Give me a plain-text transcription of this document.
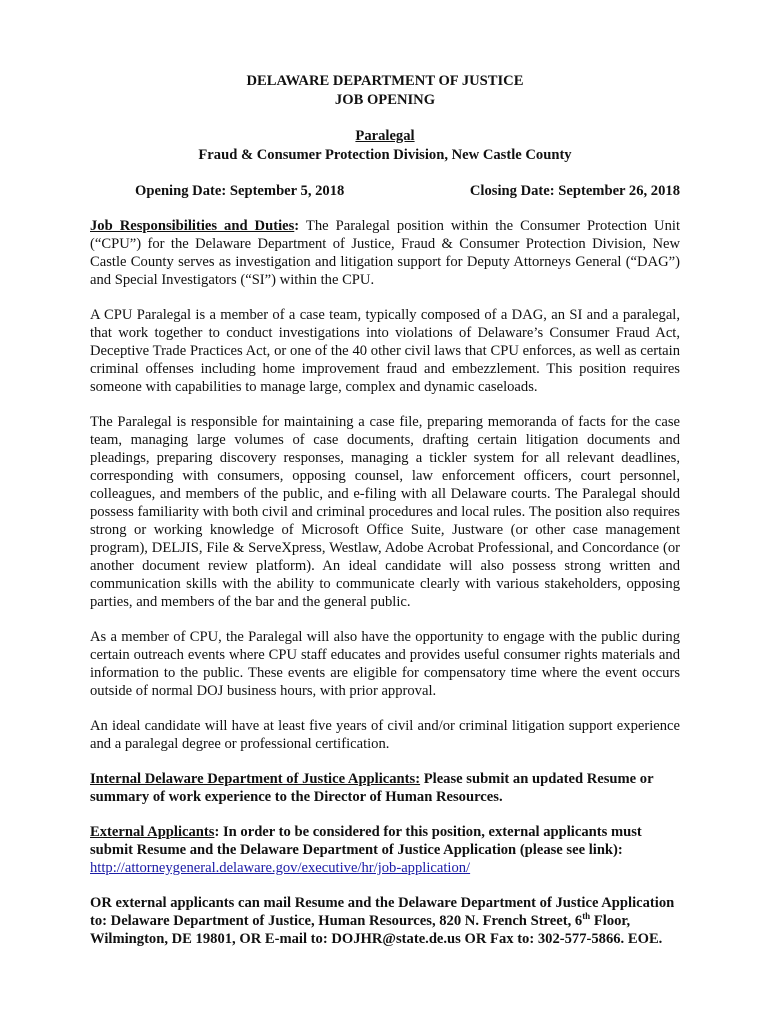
DELAWARE DEPARTMENT OF JUSTICE
JOB OPENING
Paralegal
Fraud & Consumer Protection Division, New Castle County
Opening Date: September 5, 2018	Closing Date: September 26, 2018

Job Responsibilities and Duties: The Paralegal position within the Consumer Protection Unit (“CPU”) for the Delaware Department of Justice, Fraud & Consumer Protection Division, New Castle County serves as investigation and litigation support for Deputy Attorneys General (“DAG”) and Special Investigators (“SI”) within the CPU.

A CPU Paralegal is a member of a case team, typically composed of a DAG, an SI and a paralegal, that work together to conduct investigations into violations of Delaware’s Consumer Fraud Act, Deceptive Trade Practices Act, or one of the 40 other civil laws that CPU enforces, as well as certain criminal offenses including home improvement fraud and embezzlement. This position requires someone with capabilities to manage large, complex and dynamic caseloads.

The Paralegal is responsible for maintaining a case file, preparing memoranda of facts for the case team, managing large volumes of case documents, drafting certain litigation documents and pleadings, preparing discovery responses, managing a tickler system for all relevant deadlines, corresponding with consumers, opposing counsel, law enforcement officers, court personnel, colleagues, and members of the public, and e-filing with all Delaware courts. The Paralegal should possess familiarity with both civil and criminal procedures and local rules. The position also requires strong or working knowledge of Microsoft Office Suite, Justware (or other case management program), DELJIS, File & ServeXpress, Westlaw, Adobe Acrobat Professional, and Concordance (or another document review platform). An ideal candidate will also possess strong written and communication skills with the ability to communicate clearly with various stakeholders, opposing parties, and members of the bar and the general public.

As a member of CPU, the Paralegal will also have the opportunity to engage with the public during certain outreach events where CPU staff educates and provides useful consumer rights materials and information to the public. These events are eligible for compensatory time where the event occurs outside of normal DOJ business hours, with prior approval.

An ideal candidate will have at least five years of civil and/or criminal litigation support experience and a paralegal degree or professional certification.

Internal Delaware Department of Justice Applicants: Please submit an updated Resume or summary of work experience to the Director of Human Resources.

External Applicants: In order to be considered for this position, external applicants must submit Resume and the Delaware Department of Justice Application (please see link):
http://attorneygeneral.delaware.gov/executive/hr/job-application/

OR external applicants can mail Resume and the Delaware Department of Justice Application to: Delaware Department of Justice, Human Resources, 820 N. French Street, 6th Floor, Wilmington, DE 19801, OR E-mail to: DOJHR@state.de.us OR Fax to: 302-577-5866. EOE.
